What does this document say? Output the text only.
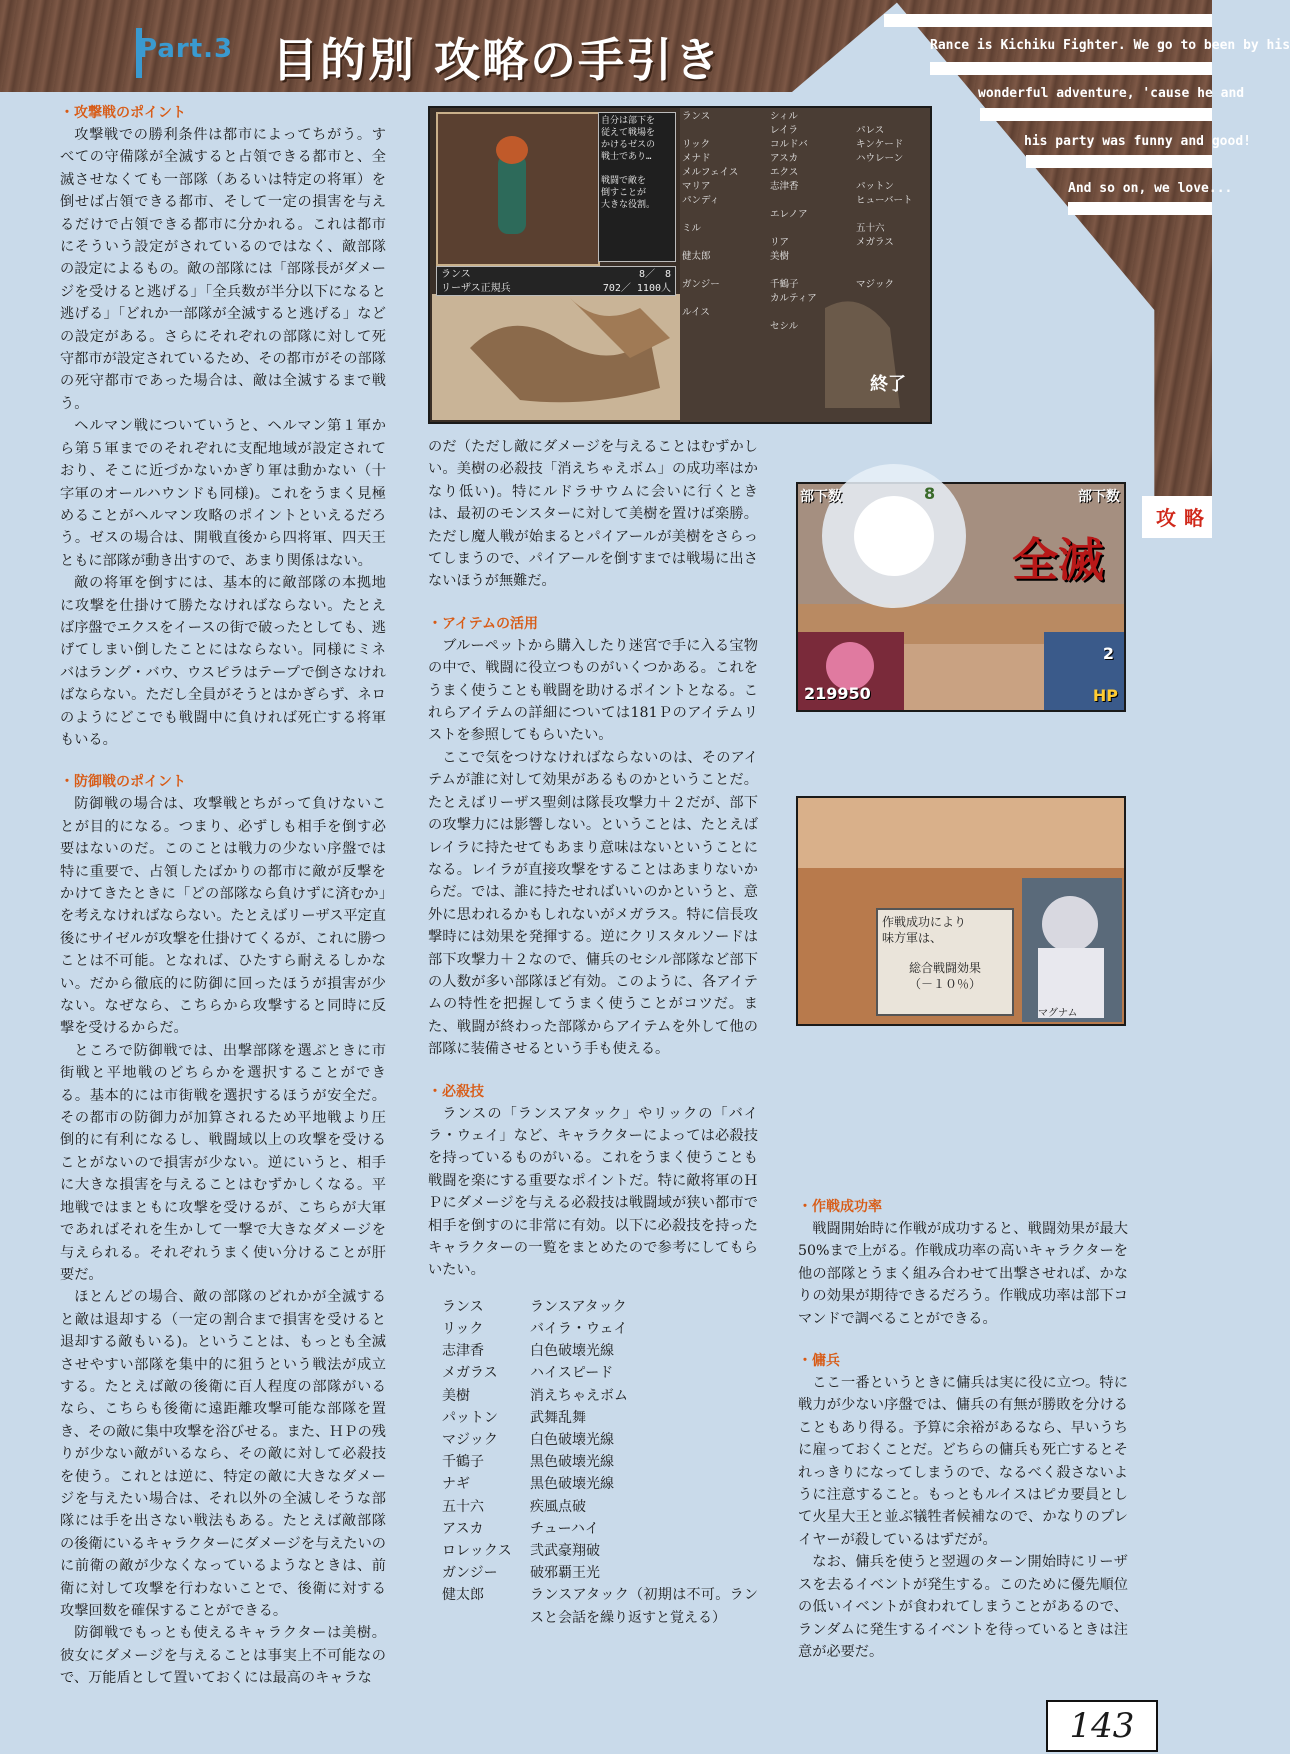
Part.3 目的別 攻略の手引き	Rance is Kichiku Fighter. We go to been by his
wonderful adventure, 'cause he and
his party was funny and good!
And so on, we love...
攻略
・攻撃戦のポイント

攻撃戦での勝利条件は都市によってちがう。すべての守備隊が全滅すると占領できる都市と、全滅させなくても一部隊（あるいは特定の将軍）を倒せば占領できる都市、そして一定の損害を与えるだけで占領できる都市に分かれる。これは都市にそういう設定がされているのではなく、敵部隊の設定によるもの。敵の部隊には「部隊長がダメージを受けると逃げる」「全兵数が半分以下になると逃げる」「どれか一部隊が全滅すると逃げる」などの設定がある。さらにそれぞれの部隊に対して死守都市が設定されているため、その都市がその部隊の死守都市であった場合は、敵は全滅するまで戦う。

ヘルマン戦についていうと、ヘルマン第１軍から第５軍までのそれぞれに支配地域が設定されており、そこに近づかないかぎり軍は動かない（十字軍のオールハウンドも同様)。これをうまく見極めることがヘルマン攻略のポイントといえるだろう。ゼスの場合は、開戦直後から四将軍、四天王ともに部隊が動き出すので、あまり関係はない。

敵の将軍を倒すには、基本的に敵部隊の本拠地に攻撃を仕掛けて勝たなければならない。たとえば序盤でエクスをイースの街で破ったとしても、逃げてしまい倒したことにはならない。同様にミネバはラング・バウ、ウスピラはテープで倒さなければならない。ただし全員がそうとはかぎらず、ネロのようにどこでも戦闘中に負ければ死亡する将軍もいる。

・防御戦のポイント

防御戦の場合は、攻撃戦とちがって負けないことが目的になる。つまり、必ずしも相手を倒す必要はないのだ。このことは戦力の少ない序盤では特に重要で、占領したばかりの都市に敵が反撃をかけてきたときに「どの部隊なら負けずに済むか」を考えなければならない。たとえばリーザス平定直後にサイゼルが攻撃を仕掛けてくるが、これに勝つことは不可能。となれば、ひたすら耐えるしかない。だから徹底的に防御に回ったほうが損害が少ない。なぜなら、こちらから攻撃すると同時に反撃を受けるからだ。

ところで防御戦では、出撃部隊を選ぶときに市街戦と平地戦のどちらかを選択することができる。基本的には市街戦を選択するほうが安全だ。その都市の防御力が加算されるため平地戦より圧倒的に有利になるし、戦闘域以上の攻撃を受けることがないので損害が少ない。逆にいうと、相手に大きな損害を与えることはむずかしくなる。平地戦ではまともに攻撃を受けるが、こちらが大軍であればそれを生かして一撃で大きなダメージを与えられる。それぞれうまく使い分けることが肝要だ。

ほとんどの場合、敵の部隊のどれかが全滅すると敵は退却する（一定の割合まで損害を受けると退却する敵もいる)。ということは、もっとも全滅させやすい部隊を集中的に狙うという戦法が成立する。たとえば敵の後衛に百人程度の部隊がいるなら、こちらも後衛に遠距離攻撃可能な部隊を置き、その敵に集中攻撃を浴びせる。また、ＨＰの残りが少ない敵がいるなら、その敵に対して必殺技を使う。これとは逆に、特定の敵に大きなダメージを与えたい場合は、それ以外の全滅しそうな部隊には手を出さない戦法もある。たとえば敵部隊の後衛にいるキャラクターにダメージを与えたいのに前衛の敵が少なくなっているようなときは、前衛に対して攻撃を行わないことで、後衛に対する攻撃回数を確保することができる。

防御戦でもっとも使えるキャラクターは美樹。彼女にダメージを与えることは事実上不可能なので、万能盾として置いておくには最高のキャラな

のだ（ただし敵にダメージを与えることはむずかしい。美樹の必殺技「消えちゃえボム」の成功率はかなり低い)。特にルドラサウムに会いに行くときは、最初のモンスターに対して美樹を置けば楽勝。ただし魔人戦が始まるとパイアールが美樹をさらってしまうので、パイアールを倒すまでは戦場に出さないほうが無難だ。

・アイテムの活用

ブルーペットから購入したり迷宮で手に入る宝物の中で、戦闘に役立つものがいくつかある。これをうまく使うことも戦闘を助けるポイントとなる。これらアイテムの詳細については181Ｐのアイテムリストを参照してもらいたい。

ここで気をつけなければならないのは、そのアイテムが誰に対して効果があるものかということだ。たとえばリーザス聖剣は隊長攻撃力＋２だが、部下の攻撃力には影響しない。ということは、たとえばレイラに持たせてもあまり意味はないということになる。レイラが直接攻撃をすることはあまりないからだ。では、誰に持たせればいいのかというと、意外に思われるかもしれないがメガラス。特に信長攻撃時には効果を発揮する。逆にクリスタルソードは部下攻撃力＋２なので、傭兵のセシル部隊など部下の人数が多い部隊ほど有効。このように、各アイテムの特性を把握してうまく使うことがコツだ。また、戦闘が終わった部隊からアイテムを外して他の部隊に装備させるという手も使える。

・必殺技

ランスの「ランスアタック」やリックの「バイラ・ウェイ」など、キャラクターによっては必殺技を持っているものがいる。これをうまく使うことも戦闘を楽にする重要なポイントだ。特に敵将軍のＨＰにダメージを与える必殺技は戦闘域が狭い都市で相手を倒すのに非常に有効。以下に必殺技を持ったキャラクターの一覧をまとめたので参考にしてもらいたい。

ランス	ランスアタック
リック	バイラ・ウェイ
志津香	白色破壊光線
メガラス	ハイスピード
美樹	消えちゃえボム
パットン	武舞乱舞
マジック	白色破壊光線
千鶴子	黒色破壊光線
ナギ	黒色破壊光線
五十六	疾風点破
アスカ	チューハイ
ロレックス	弐武豪翔破
ガンジー	破邪覇王光
健太郎	ランスアタック（初期は不可。ランスと会話を繰り返すと覚える）
・作戦成功率

戦闘開始時に作戦が成功すると、戦闘効果が最大50%まで上がる。作戦成功率の高いキャラクターを他の部隊とうまく組み合わせて出撃させれば、かなりの効果が期待できるだろう。作戦成功率は部下コマンドで調べることができる。

・傭兵

ここ一番というときに傭兵は実に役に立つ。特に戦力が少ない序盤では、傭兵の有無が勝敗を分けることもあり得る。予算に余裕があるなら、早いうちに雇っておくことだ。どちらの傭兵も死亡するとそれっきりになってしまうので、なるべく殺さないように注意すること。もっともルイスはピカ要員として火星大王と並ぶ犠牲者候補なので、かなりのプレイヤーが殺しているはずだが。

なお、傭兵を使うと翌週のターン開始時にリーザスを去るイベントが発生する。このために優先順位の低いイベントが食われてしまうことがあるので、ランダムに発生するイベントを待っているときは注意が必要だ。

自分は部下を
従えて戦場を
かけるゼスの
戦士であり…

戦闘で敵を
倒すことが
大きな役割。
ランス	8／　8
リーザス正規兵	702／ 1100人
ランス

リック
メナド
メルフェイス
マリア
パンディ

ミル

健太郎

ガンジー

ルイス
シィル
レイラ
コルドバ
アスカ
エクス
志津香

エレノア

リア
美樹

千鶴子
カルティア

セシル

パレス
キンケード
ハウレーン

パットン
ヒューバート

五十六
メガラス

マジック
終了
部下数	部下数
8
全滅
219950	HP
2
作戦成功により
味方軍は、
総合戦闘効果
（－１０％）
マグナム
143
